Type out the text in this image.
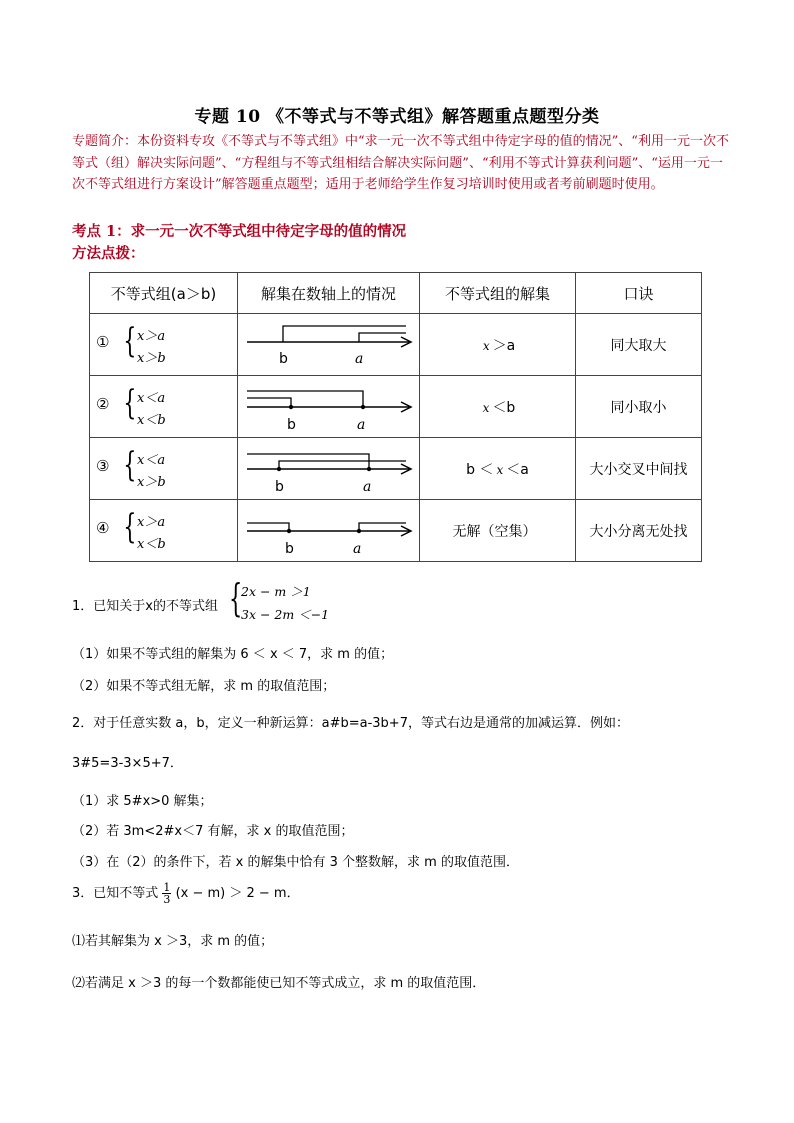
专题 10 《不等式与不等式组》解答题重点题型分类
专题简介：本份资料专攻《不等式与不等式组》中“求一元一次不等式组中待定字母的值的情况”、“利用一元一次不等式（组）解决实际问题”、“方程组与不等式组相结合解决实际问题”、“利用不等式计算获利问题”、“运用一元一次不等式组进行方案设计”解答题重点题型；适用于老师给学生作复习培训时使用或者考前刷题时使用。
考点 1：求一元一次不等式组中待定字母的值的情况
方法点拨：
不等式组(a＞b)	解集在数轴上的情况	不等式组的解集	口诀

① { x＞a
x＞b	b a	x ＞a	同大取大

② { x＜a
x＜b	b a	x ＜b	同小取小

③ { x＜a
x＞b	b a	b ＜ x ＜a	大小交叉中间找

④ { x＞a
x＜b	b a	无解（空集）	大小分离无处找
1．已知关于x的不等式组 {
2x − m ＞1
3x − 2m ＜−1
（1）如果不等式组的解集为 6 ＜ x ＜ 7，求 m 的值；
（2）如果不等式组无解，求 m 的取值范围；
2．对于任意实数 a，b，定义一种新运算：a#b=a-3b+7，等式右边是通常的加减运算．例如：
3#5=3-3×5+7．
（1）求 5#x>0 解集；
（2）若 3m<2#x＜7 有解，求 x 的取值范围；
（3）在（2）的条件下，若 x 的解集中恰有 3 个整数解，求 m 的取值范围．
3．已知不等式 $\frac{1}{3} (x - m) > 2 - m$．
⑴若其解集为 x ＞3，求 m 的值；
⑵若满足 x ＞3 的每一个数都能使已知不等式成立，求 m 的取值范围．
